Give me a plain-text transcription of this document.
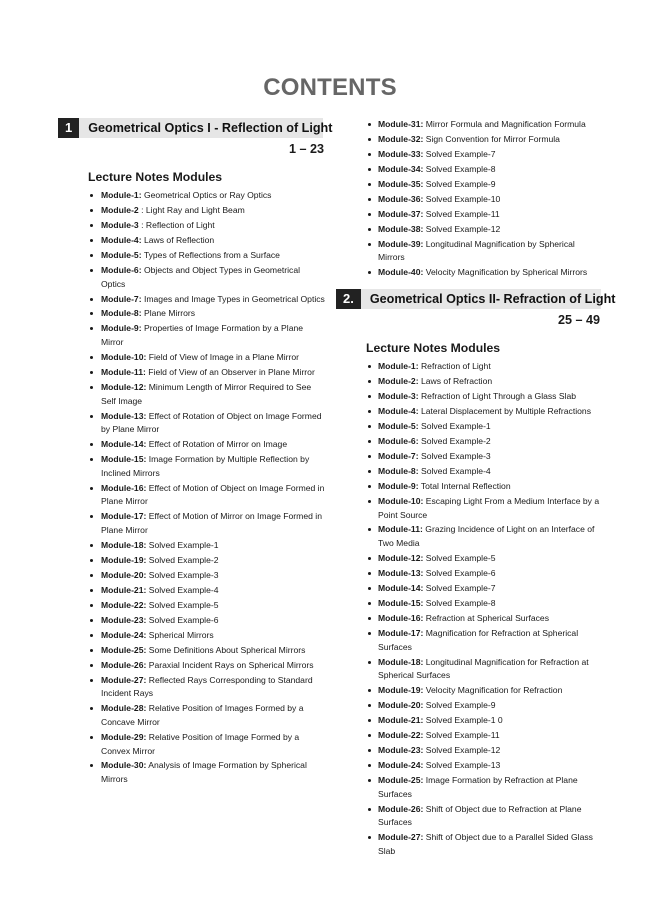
CONTENTS
1	Geometrical Optics I - Reflection of Light
1 – 23
Lecture Notes Modules
Module-1: Geometrical Optics or Ray Optics
Module-2 : Light Ray and Light Beam
Module-3 : Reflection of Light
Module-4: Laws of Reflection
Module-5: Types of Reflections from a Surface
Module-6: Objects and Object Types in Geometrical Optics
Module-7: Images and Image Types in Geometrical Optics
Module-8: Plane Mirrors
Module-9: Properties of Image Formation by a Plane Mirror
Module-10: Field of View of Image in a Plane Mirror
Module-11: Field of View of an Observer in Plane Mirror
Module-12: Minimum Length of Mirror Required to See Self Image
Module-13: Effect of Rotation of Object on Image Formed by Plane Mirror
Module-14: Effect of Rotation of Mirror on Image
Module-15: Image Formation by Multiple Reflection by Inclined Mirrors
Module-16: Effect of Motion of Object on Image Formed in Plane Mirror
Module-17: Effect of Motion of Mirror on Image Formed in Plane Mirror
Module-18: Solved Example-1
Module-19: Solved Example-2
Module-20: Solved Example-3
Module-21: Solved Example-4
Module-22: Solved Example-5
Module-23: Solved Example-6
Module-24: Spherical Mirrors
Module-25: Some Definitions About Spherical Mirrors
Module-26: Paraxial Incident Rays on Spherical Mirrors
Module-27: Reflected Rays Corresponding to Standard Incident Rays
Module-28: Relative Position of Images Formed by a Concave Mirror
Module-29: Relative Position of Image Formed by a Convex Mirror
Module-30: Analysis of Image Formation by Spherical Mirrors
Module-31: Mirror Formula and Magnification Formula
Module-32: Sign Convention for Mirror Formula
Module-33: Solved Example-7
Module-34: Solved Example-8
Module-35: Solved Example-9
Module-36: Solved Example-10
Module-37: Solved Example-11
Module-38: Solved Example-12
Module-39: Longitudinal Magnification by Spherical Mirrors
Module-40: Velocity Magnification by Spherical Mirrors
2.	Geometrical Optics II- Refraction of Light
25 – 49
Lecture Notes Modules
Module-1: Refraction of Light
Module-2: Laws of Refraction
Module-3: Refraction of Light Through a Glass Slab
Module-4: Lateral Displacement by Multiple Refractions
Module-5: Solved Example-1
Module-6: Solved Example-2
Module-7: Solved Example-3
Module-8: Solved Example-4
Module-9: Total Internal Reflection
Module-10: Escaping Light From a Medium Interface by a Point Source
Module-11: Grazing Incidence of Light on an Interface of Two Media
Module-12: Solved Example-5
Module-13: Solved Example-6
Module-14: Solved Example-7
Module-15: Solved Example-8
Module-16: Refraction at Spherical Surfaces
Module-17: Magnification for Refraction at Spherical Surfaces
Module-18: Longitudinal Magnification for Refraction at Spherical Surfaces
Module-19: Velocity Magnification for Refraction
Module-20: Solved Example-9
Module-21: Solved Example-1 0
Module-22: Solved Example-11
Module-23: Solved Example-12
Module-24: Solved Example-13
Module-25: Image Formation by Refraction at Plane Surfaces
Module-26: Shift of Object due to Refraction at Plane Surfaces
Module-27: Shift of Object due to a Parallel Sided Glass Slab
